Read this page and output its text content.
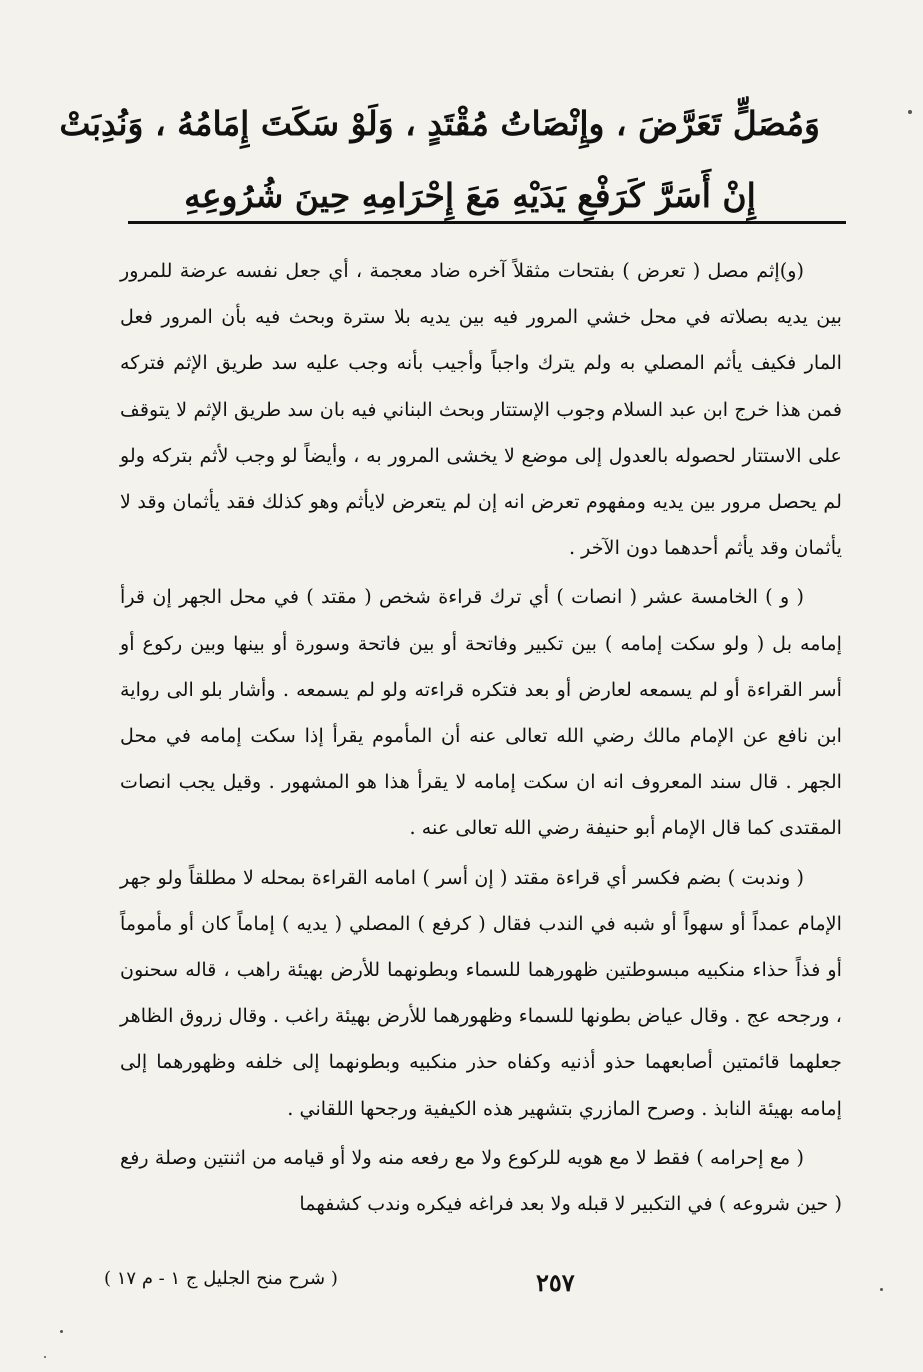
وَمُصَلٍّ تَعَرَّضَ ، وإِنْصَاتُ مُقْتَدٍ ، وَلَوْ سَكَتَ إِمَامُهُ ، وَنُدِبَتْ
إِنْ أَسَرَّ كَرَفْعِ يَدَيْهِ مَعَ إِحْرَامِهِ حِينَ شُرُوعِهِ

(و)إثم مصل ( تعرض ) بفتحات مثقلاً آخره ضاد معجمة ، أي جعل نفسه عرضة للمرور بين يديه بصلاته في محل خشي المرور فيه بين يديه بلا سترة وبحث فيه بأن المرور فعل المار فكيف يأثم المصلي به ولم يترك واجباً وأجيب بأنه وجب عليه سد طريق الإثم فتركه فمن هذا خرج ابن عبد السلام وجوب الإستتار وبحث البناني فيه بان سد طريق الإثم لا يتوقف على الاستتار لحصوله بالعدول إلى موضع لا يخشى المرور به ، وأيضاً لو وجب لأثم بتركه ولو لم يحصل مرور بين يديه ومفهوم تعرض انه إن لم يتعرض لايأثم وهو كذلك فقد يأثمان وقد لا يأثمان وقد يأثم أحدهما دون الآخر .

( و ) الخامسة عشر ( انصات ) أي ترك قراءة شخص ( مقتد ) في محل الجهر إن قرأ إمامه بل ( ولو سكت إمامه ) بين تكبير وفاتحة أو بين فاتحة وسورة أو بينها وبين ركوع أو أسر القراءة أو لم يسمعه لعارض أو بعد فتكره قراءته ولو لم يسمعه . وأشار بلو الى رواية ابن نافع عن الإمام مالك رضي الله تعالى عنه أن المأموم يقرأ إذا سكت إمامه في محل الجهر . قال سند المعروف انه ان سكت إمامه لا يقرأ هذا هو المشهور . وقيل يجب انصات المقتدى كما قال الإمام أبو حنيفة رضي الله تعالى عنه .

( وندبت ) بضم فكسر أي قراءة مقتد ( إن أسر ) امامه القراءة بمحله لا مطلقاً ولو جهر الإمام عمداً أو سهواً أو شبه في الندب فقال ( كرفع ) المصلي ( يديه ) إماماً كان أو مأموماً أو فذاً حذاء منكبيه مبسوطتين ظهورهما للسماء وبطونهما للأرض بهيئة راهب ، قاله سحنون ، ورجحه عج . وقال عياض بطونها للسماء وظهورهما للأرض بهيئة راغب . وقال زروق الظاهر جعلهما قائمتين أصابعهما حذو أذنيه وكفاه حذر منكبيه وبطونهما إلى خلفه وظهورهما إلى إمامه بهيئة النابذ . وصرح المازري بتشهير هذه الكيفية ورجحها اللقاني .

( مع إحرامه ) فقط لا مع هويه للركوع ولا مع رفعه منه ولا أو قيامه من اثنتين وصلة رفع ( حين شروعه ) في التكبير لا قبله ولا بعد فراغه فيكره وندب كشفهما

٢٥٧
( شرح منح الجليل ج ١ - م ١٧ )
